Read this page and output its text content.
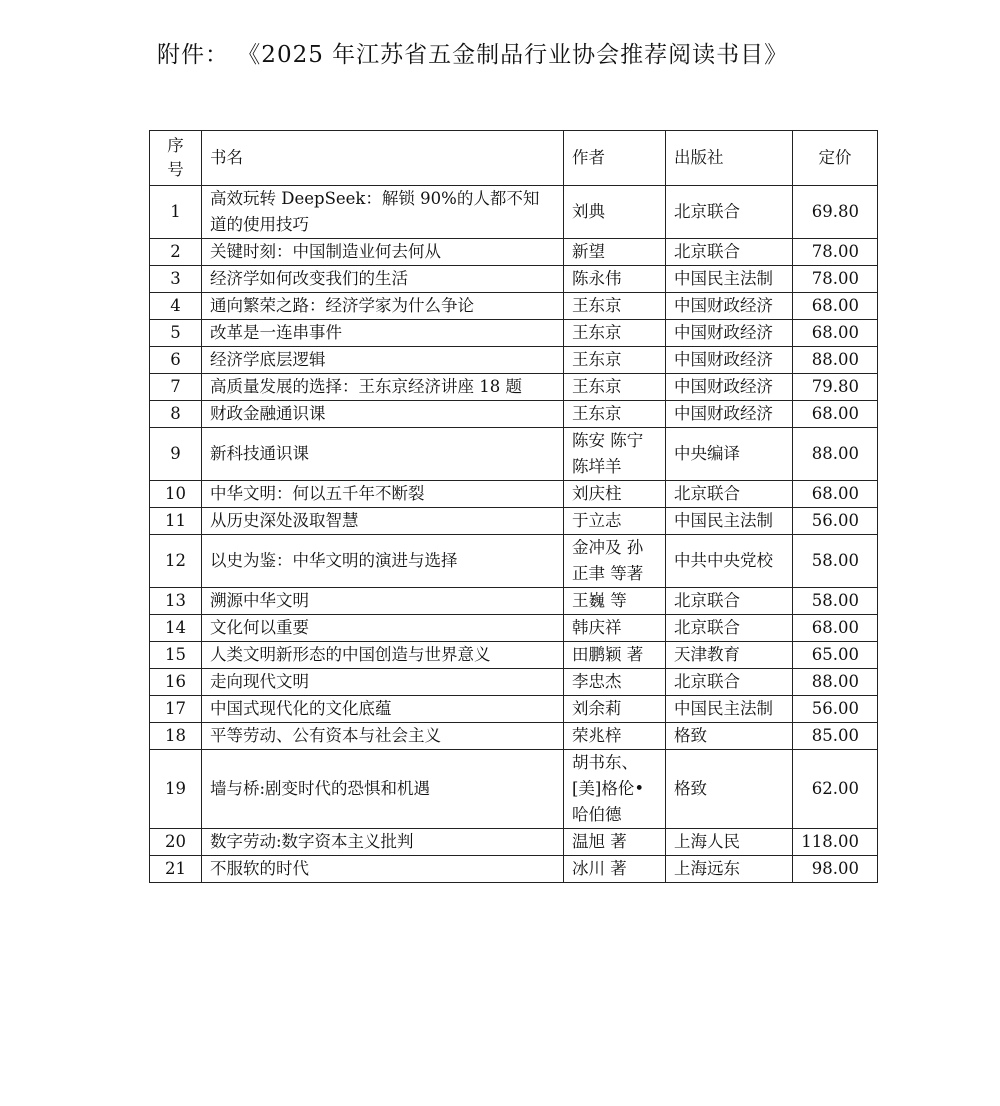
附件： 《2025 年江苏省五金制品行业协会推荐阅读书目》
序号	书名	作者	出版社	定价
1	高效玩转 DeepSeek：解锁 90%的人都不知道的使用技巧	刘典	北京联合	69.80
2	关键时刻：中国制造业何去何从	新望	北京联合	78.00
3	经济学如何改变我们的生活	陈永伟	中国民主法制	78.00
4	通向繁荣之路：经济学家为什么争论	王东京	中国财政经济	68.00
5	改革是一连串事件	王东京	中国财政经济	68.00
6	经济学底层逻辑	王东京	中国财政经济	88.00
7	高质量发展的选择：王东京经济讲座 18 题	王东京	中国财政经济	79.80
8	财政金融通识课	王东京	中国财政经济	68.00
9	新科技通识课	陈安 陈宁 陈垟羊	中央编译	88.00
10	中华文明：何以五千年不断裂	刘庆柱	北京联合	68.00
11	从历史深处汲取智慧	于立志	中国民主法制	56.00
12	以史为鉴：中华文明的演进与选择	金冲及 孙正聿 等著	中共中央党校	58.00
13	溯源中华文明	王巍 等	北京联合	58.00
14	文化何以重要	韩庆祥	北京联合	68.00
15	人类文明新形态的中国创造与世界意义	田鹏颖 著	天津教育	65.00
16	走向现代文明	李忠杰	北京联合	88.00
17	中国式现代化的文化底蕴	刘余莉	中国民主法制	56.00
18	平等劳动、公有资本与社会主义	荣兆梓	格致	85.00
19	墙与桥:剧变时代的恐惧和机遇	胡书东、[美]格伦•哈伯德	格致	62.00
20	数字劳动:数字资本主义批判	温旭 著	上海人民	118.00
21	不服软的时代	冰川 著	上海远东	98.00
